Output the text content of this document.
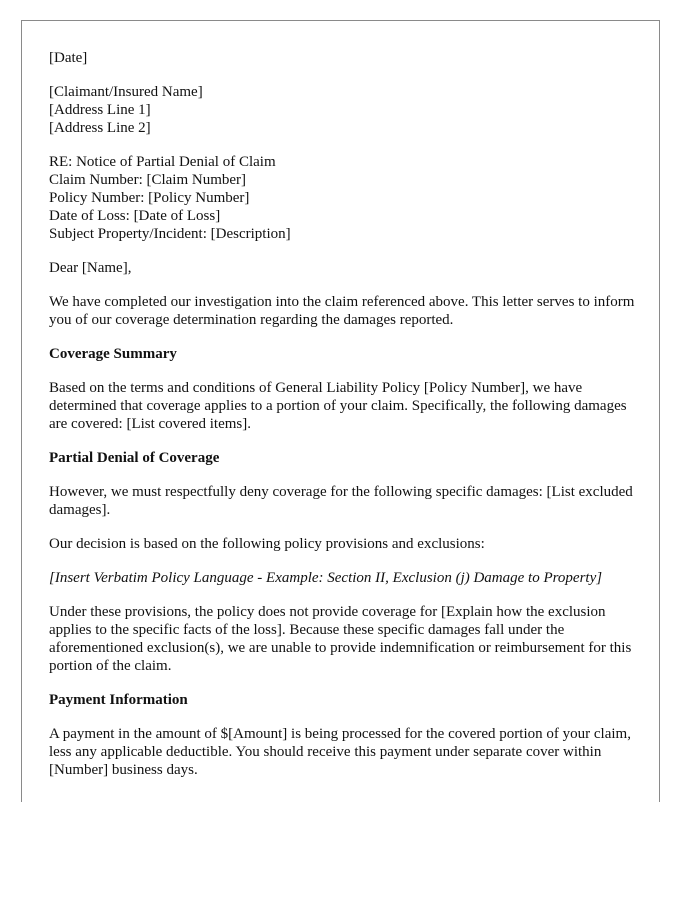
[Date]

[Claimant/Insured Name]
[Address Line 1]
[Address Line 2]

RE: Notice of Partial Denial of Claim
Claim Number: [Claim Number]
Policy Number: [Policy Number]
Date of Loss: [Date of Loss]
Subject Property/Incident: [Description]

Dear [Name],

We have completed our investigation into the claim referenced above. This letter serves to inform you of our coverage determination regarding the damages reported.

Coverage Summary

Based on the terms and conditions of General Liability Policy [Policy Number], we have determined that coverage applies to a portion of your claim. Specifically, the following damages are covered: [List covered items].

Partial Denial of Coverage

However, we must respectfully deny coverage for the following specific damages: [List excluded damages].

Our decision is based on the following policy provisions and exclusions:

[Insert Verbatim Policy Language - Example: Section II, Exclusion (j) Damage to Property]

Under these provisions, the policy does not provide coverage for [Explain how the exclusion applies to the specific facts of the loss]. Because these specific damages fall under the aforementioned exclusion(s), we are unable to provide indemnification or reimbursement for this portion of the claim.

Payment Information

A payment in the amount of $[Amount] is being processed for the covered portion of your claim, less any applicable deductible. You should receive this payment under separate cover within [Number] business days.
